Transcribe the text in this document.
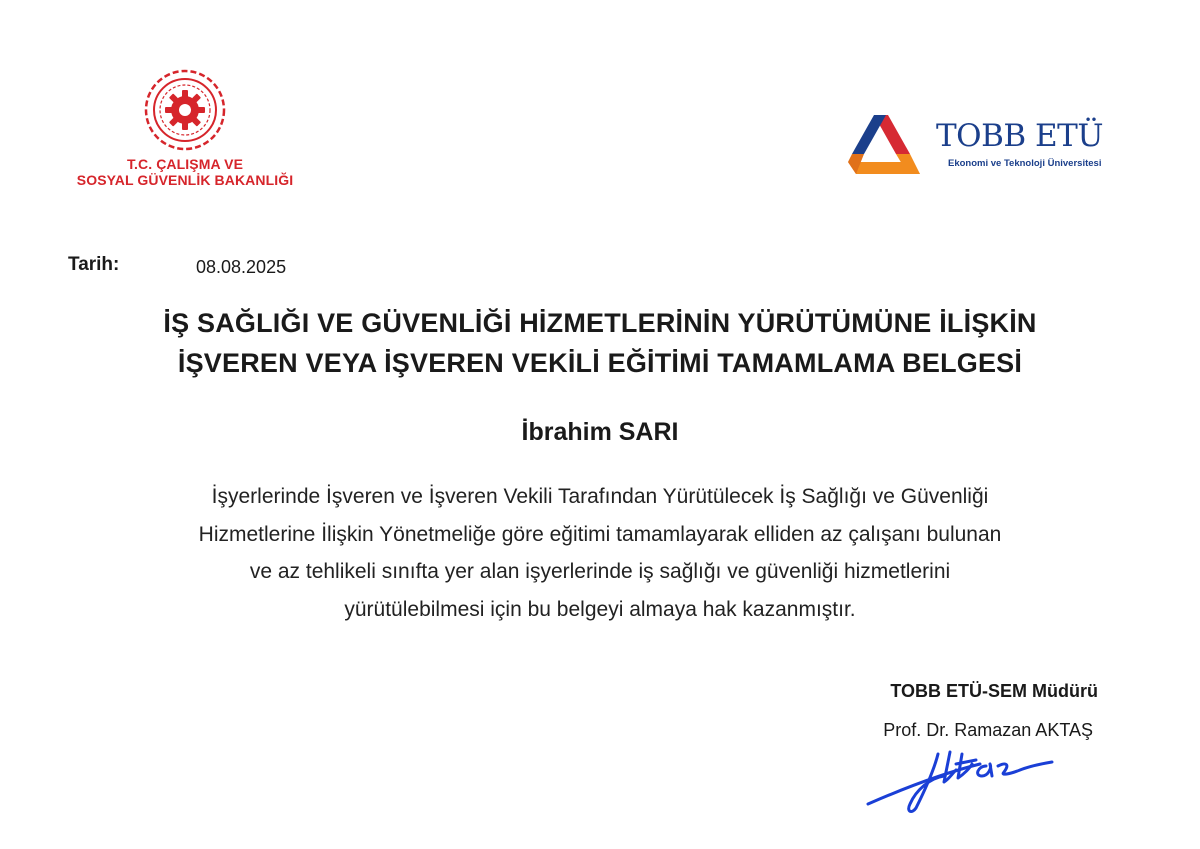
T.C. ÇALIŞMA VE
SOSYAL GÜVENLİK BAKANLIĞI
TOBB ETÜ
Ekonomi ve Teknoloji Üniversitesi
Tarih:	08.08.2025
İŞ SAĞLIĞI VE GÜVENLİĞİ HİZMETLERİNİN YÜRÜTÜMÜNE İLİŞKİN
İŞVEREN VEYA İŞVEREN VEKİLİ EĞİTİMİ TAMAMLAMA BELGESİ
İbrahim SARI
İşyerlerinde İşveren ve İşveren Vekili Tarafından Yürütülecek İş Sağlığı ve Güvenliği
Hizmetlerine İlişkin Yönetmeliğe göre eğitimi tamamlayarak elliden az çalışanı bulunan
ve az tehlikeli sınıfta yer alan işyerlerinde iş sağlığı ve güvenliği hizmetlerini
yürütülebilmesi için bu belgeyi almaya hak kazanmıştır.
TOBB ETÜ-SEM Müdürü
Prof. Dr. Ramazan AKTAŞ
